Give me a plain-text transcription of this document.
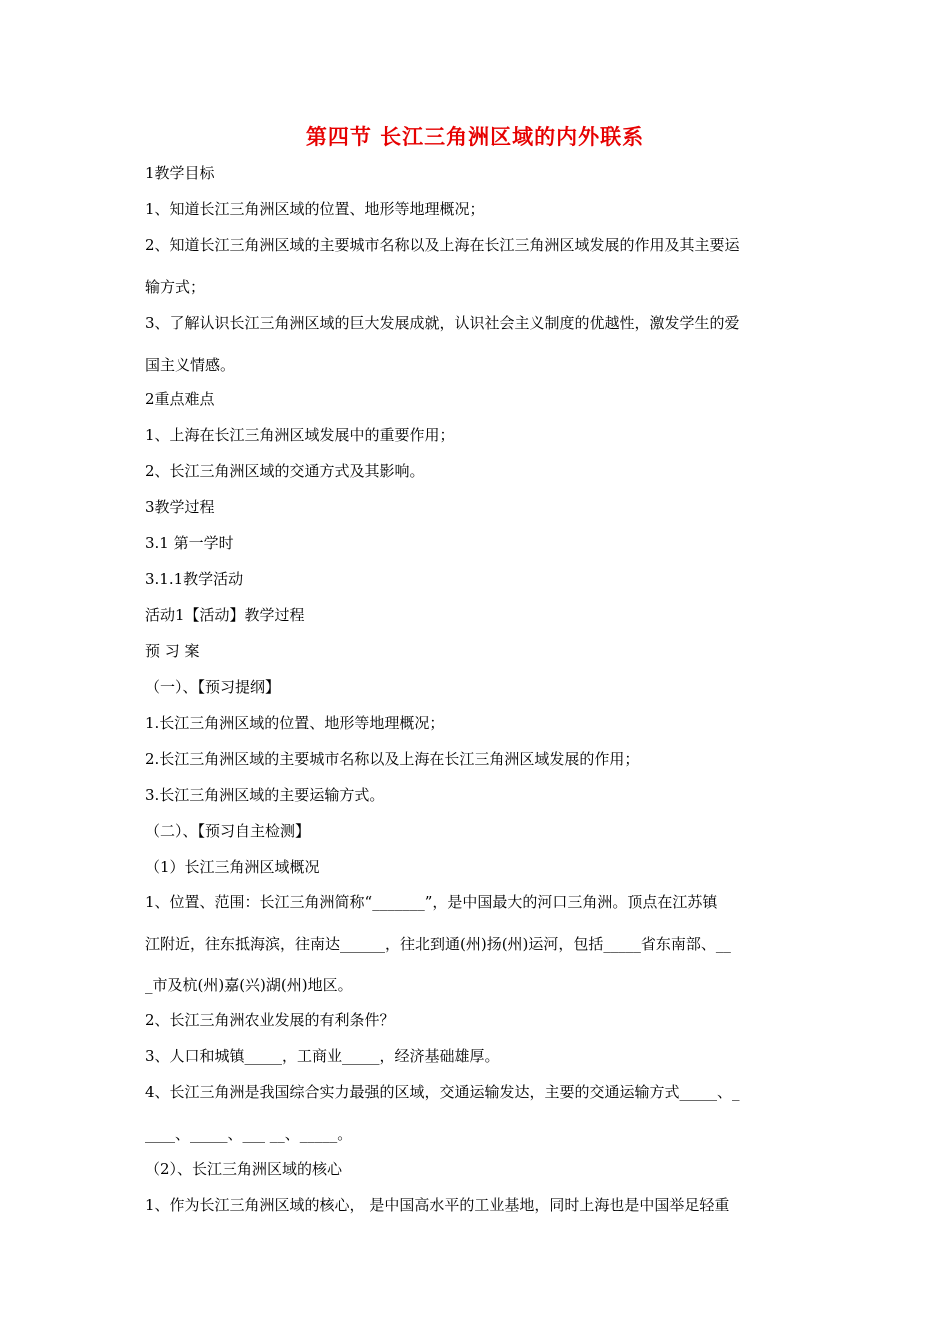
第四节 长江三角洲区域的内外联系
1教学目标
1、知道长江三角洲区域的位置、地形等地理概况；
2、知道长江三角洲区域的主要城市名称以及上海在长江三角洲区域发展的作用及其主要运
输方式；
3、了解认识长江三角洲区域的巨大发展成就，认识社会主义制度的优越性，激发学生的爱
国主义情感。
2重点难点
1、上海在长江三角洲区域发展中的重要作用；
2、长江三角洲区域的交通方式及其影响。
3教学过程
3.1 第一学时
3.1.1教学活动
活动1【活动】教学过程
预 习 案
（一）、【预习提纲】
1.长江三角洲区域的位置、地形等地理概况；
2.长江三角洲区域的主要城市名称以及上海在长江三角洲区域发展的作用；
3.长江三角洲区域的主要运输方式。
（二）、【预习自主检测】
（1）长江三角洲区域概况
1、位置、范围：长江三角洲简称“_______”，是中国最大的河口三角洲。顶点在江苏镇
江附近，往东抵海滨，往南达______，往北到通(州)扬(州)运河，包括_____省东南部、__
_市及杭(州)嘉(兴)湖(州)地区。
2、长江三角洲农业发展的有利条件？
3、人口和城镇_____，工商业_____，经济基础雄厚。
4、长江三角洲是我国综合实力最强的区域，交通运输发达，主要的交通运输方式_____、_
____、_____、___ __、_____。
（2）、长江三角洲区域的核心
1、作为长江三角洲区域的核心， 是中国高水平的工业基地，同时上海也是中国举足轻重
